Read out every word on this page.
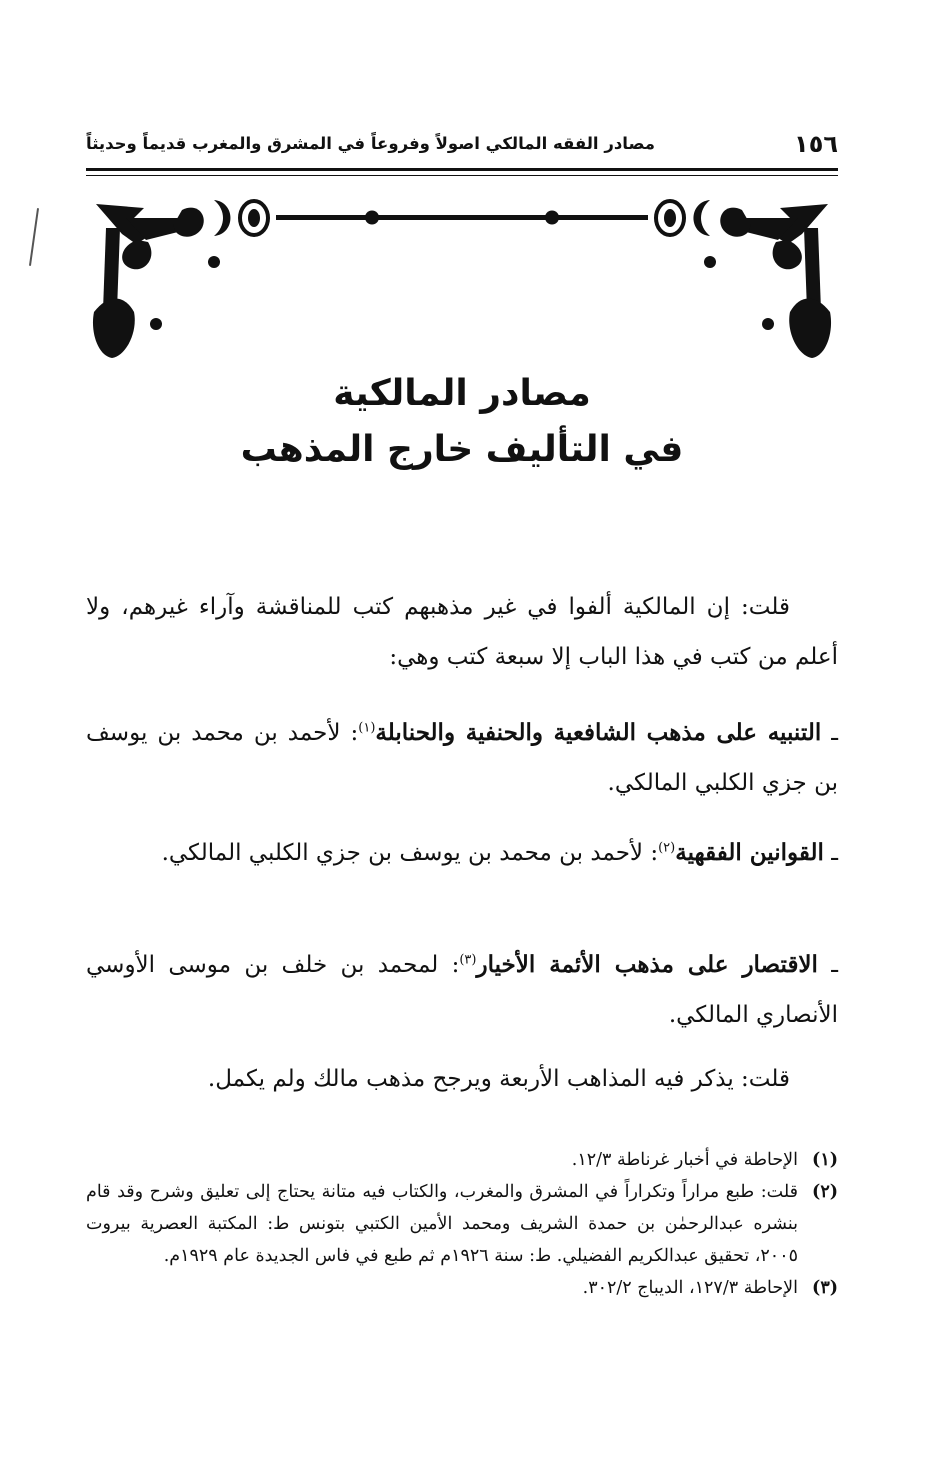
١٥٦
مصادر الفقه المالكي اصولاً وفروعاً في المشرق والمغرب قديماً وحديثاً
مصادر المالكية
في التأليف خارج المذهب

قلت: إن المالكية ألفوا في غير مذهبهم كتب للمناقشة وآراء غيرهم، ولا أعلم من كتب في هذا الباب إلا سبعة كتب وهي:

ـ التنبيه على مذهب الشافعية والحنفية والحنابلة$^{(١)}$: لأحمد بن محمد بن يوسف بن جزي الكلبي المالكي.

ـ القوانين الفقهية$^{(٢)}$: لأحمد بن محمد بن يوسف بن جزي الكلبي المالكي.

ـ الاقتصار على مذهب الأئمة الأخيار$^{(٣)}$: لمحمد بن خلف بن موسى الأوسي الأنصاري المالكي.

قلت: يذكر فيه المذاهب الأربعة ويرجح مذهب مالك ولم يكمل.

(١)
الإحاطة في أخبار غرناطة ١٢/٣.
(٢)
قلت: طبع مراراً وتكراراً في المشرق والمغرب، والكتاب فيه متانة يحتاج إلى تعليق وشرح وقد قام بنشره عبدالرحمٰن بن حمدة الشريف ومحمد الأمين الكتبي بتونس ط: المكتبة العصرية بيروت ٢٠٠٥، تحقيق عبدالكريم الفضيلي. ط: سنة ١٩٢٦م ثم طبع في فاس الجديدة عام ١٩٢٩م.
(٣)
الإحاطة ١٢٧/٣، الديباج ٣٠٢/٢.
